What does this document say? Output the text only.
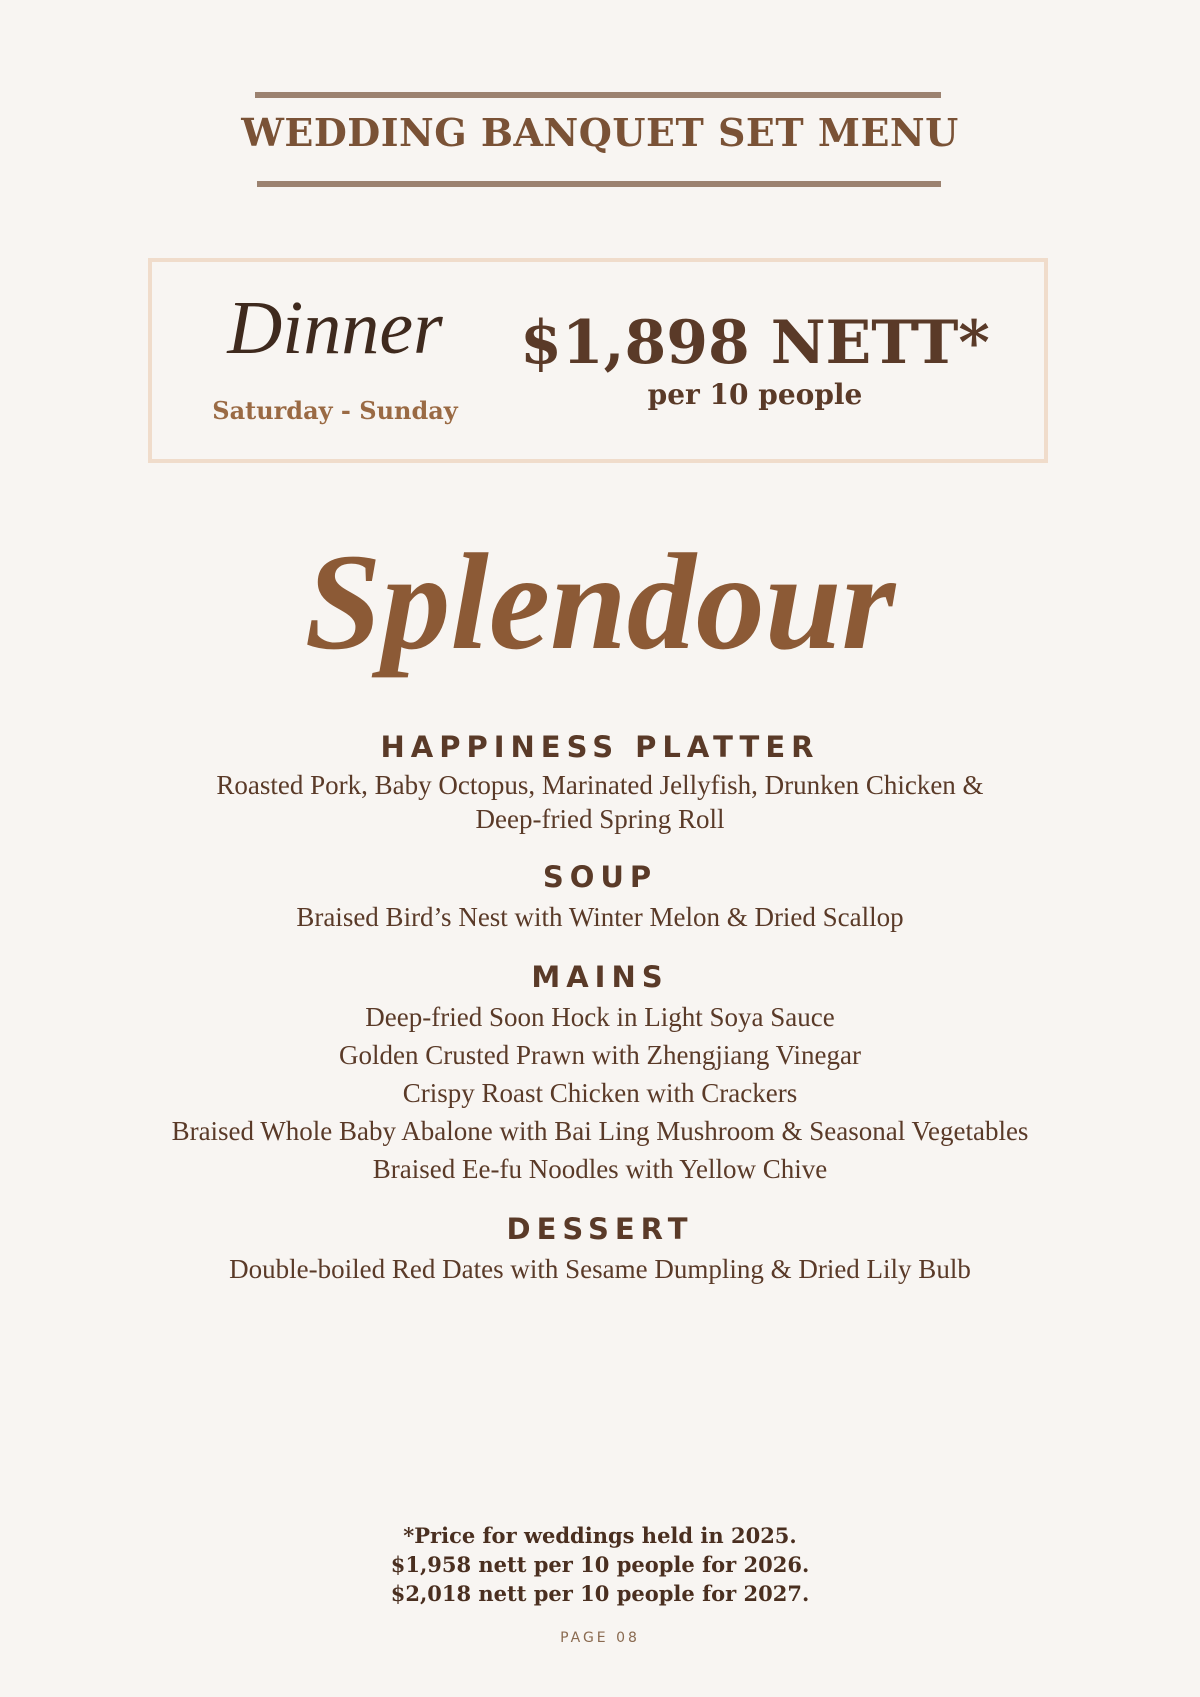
WEDDING BANQUET SET MENU
Dinner
Saturday - Sunday
$1,898 NETT*
per 10 people
Splendour
HAPPINESS PLATTER
Roasted Pork, Baby Octopus, Marinated Jellyfish, Drunken Chicken & Deep-fried Spring Roll
SOUP
Braised Bird’s Nest with Winter Melon & Dried Scallop
MAINS
Deep-fried Soon Hock in Light Soya Sauce
Golden Crusted Prawn with Zhengjiang Vinegar
Crispy Roast Chicken with Crackers
Braised Whole Baby Abalone with Bai Ling Mushroom & Seasonal Vegetables
Braised Ee-fu Noodles with Yellow Chive
DESSERT
Double-boiled Red Dates with Sesame Dumpling & Dried Lily Bulb
*Price for weddings held in 2025.
$1,958 nett per 10 people for 2026.
$2,018 nett per 10 people for 2027.
PAGE 08
